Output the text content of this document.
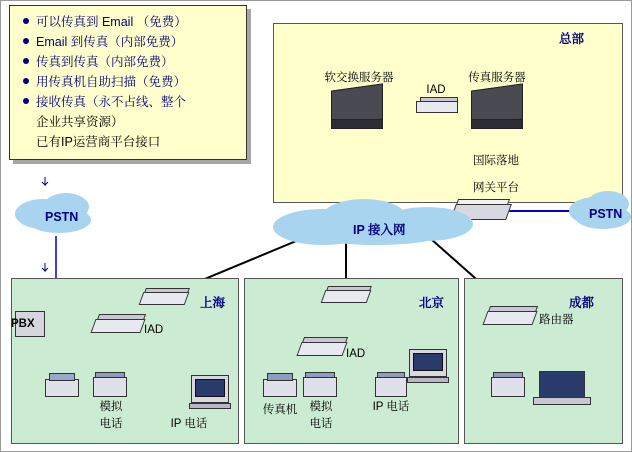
可以传真到 Email （免费）
Email 到传真（内部免费）
传真到传真（内部免费）
用传真机自助扫描（免费）
接收传真（永不占线、整个
企业共享资源）
已有IP运营商平台接口
总部
软交换服务器
IAD
传真服务器
国际落地
网关平台
PSTN	PSTN
IP 接入网
上海
PBX	IAD
模拟
电话	IP 电话
北京
IAD
传真机	模拟
电话
IP 电话
成都
路由器
